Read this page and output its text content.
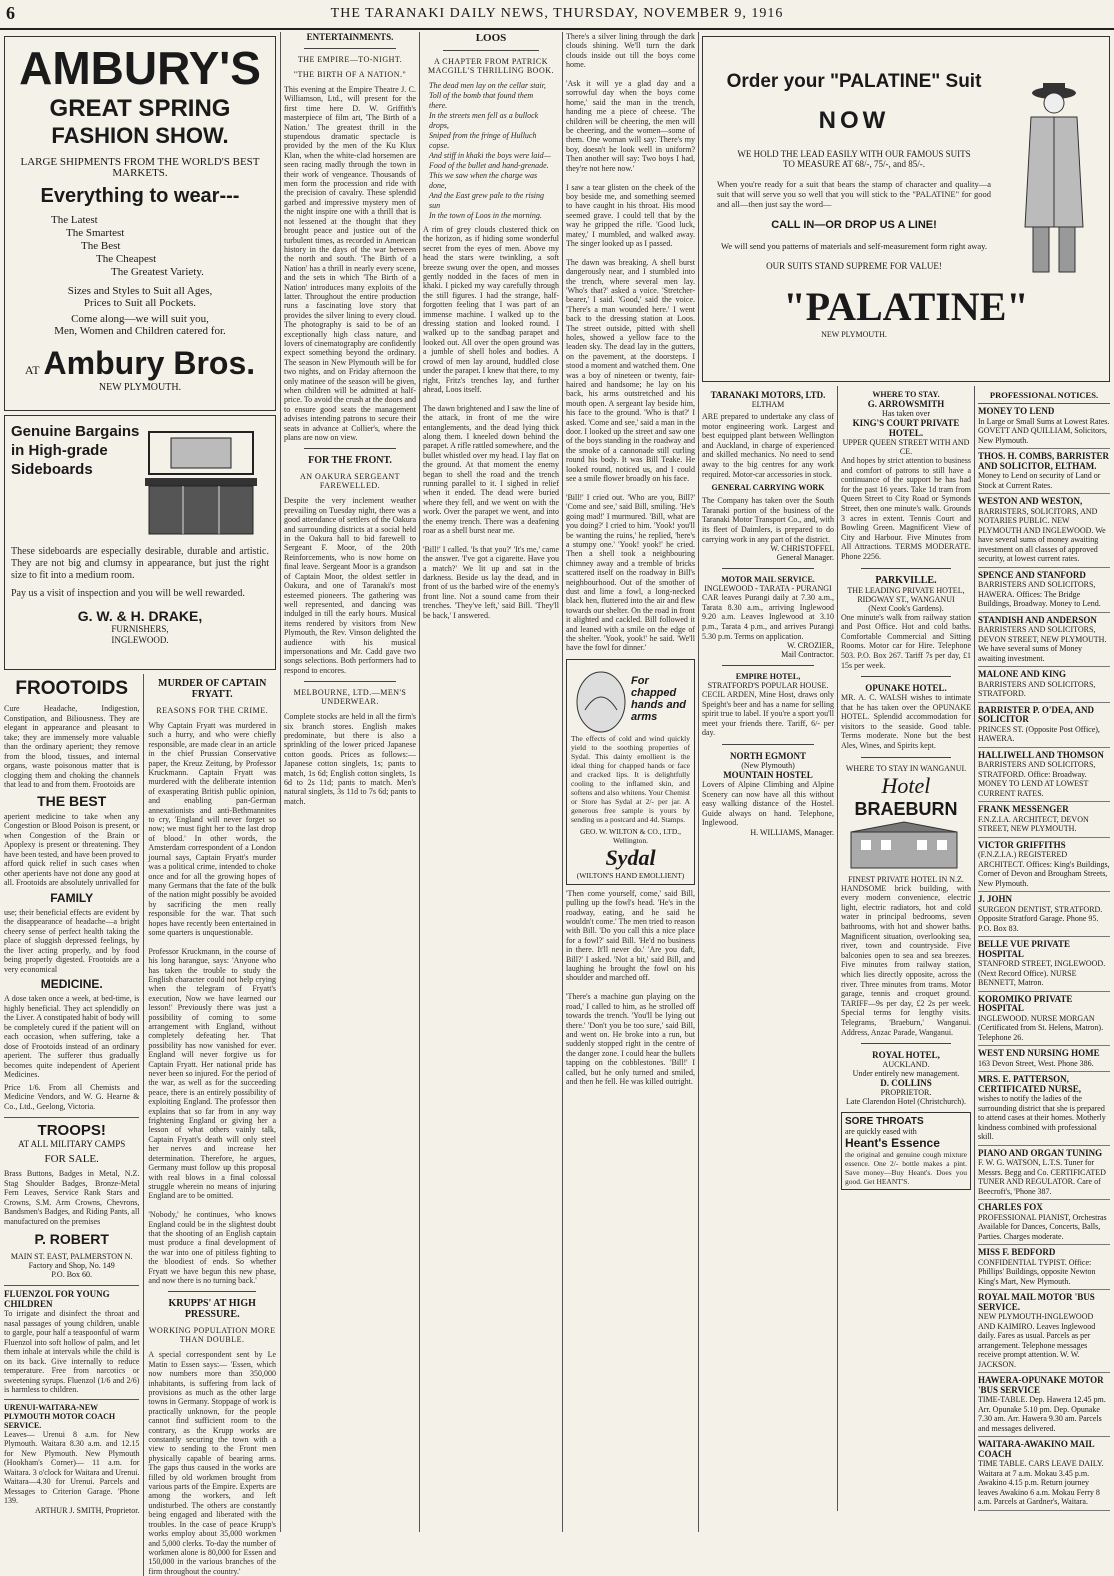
6	THE TARANAKI DAILY NEWS, THURSDAY, NOVEMBER 9, 1916
AMBURY'S
GREAT SPRING
FASHION SHOW.
LARGE SHIPMENTS FROM THE WORLD'S BEST MARKETS.
Everything to wear---
The Latest
The Smartest
The Best
The Cheapest
The Greatest Variety.
Sizes and Styles to Suit all Ages,
Prices to Suit all Pockets.
Come along—we will suit you,
Men, Women and Children catered for.
AT Ambury Bros.
NEW PLYMOUTH.
Genuine Bargains
in High-grade
Sideboards
These sideboards are especially desirable, durable and artistic. They are not big and clumsy in appearance, but just the right size to fit into a medium room.
Pay us a visit of inspection and you will be well rewarded.
G. W. & H. DRAKE,
FURNISHERS,
INGLEWOOD.
FROOTOIDS
Cure Headache, Indigestion, Constipation, and Biliousness. They are elegant in appearance and pleasant to take; they are immensely more valuable than the ordinary aperient; they remove from the blood, tissues, and internal organs, waste poisonous matter that is clogging them and choking the channels that lead to and from them. Frootoids are
THE BEST
aperient medicine to take when any Congestion or Blood Poison is present, or when Congestion of the Brain or Apoplexy is present or threatening. They have been tested, and have been proved to afford quick relief in such cases when other aperients have not done any good at all. Frootoids are absolutely unrivalled for
FAMILY
use; their beneficial effects are evident by the disappearance of headache—a bright cheery sense of perfect health taking the place of sluggish depressed feelings, by the liver acting properly, and by food being properly digested. Frootoids are a very economical
MEDICINE.
A dose taken once a week, at bed-time, is highly beneficial. They act splendidly on the Liver. A constipated habit of body will be completely cured if the patient will on each occasion, when suffering, take a dose of Frootoids instead of an ordinary aperient. The sufferer thus gradually becomes quite independent of Aperient Medicines.
Price 1/6. From all Chemists and Medicine Vendors, and W. G. Hearne & Co., Ltd., Geelong, Victoria.
TROOPS!
AT ALL MILITARY CAMPS
FOR SALE.
Brass Buttons, Badges in Metal, N.Z. Stag Shoulder Badges, Bronze-Metal Fern Leaves, Service Rank Stars and Crowns, S.M. Arm Crowns, Chevrons, Bandsmen's Badges, and Riding Pants, all manufactured on the premises
P. ROBERT
MAIN ST. EAST, PALMERSTON N. Factory and Shop, No. 149
P.O. Box 60.
FLUENZOL FOR YOUNG CHILDREN
To irrigate and disinfect the throat and nasal passages of young children, unable to gargle, pour half a teaspoonful of warm Fluenzol into soft hollow of palm, and let them inhale at intervals while the child is on its back. Give internally to reduce temperature. Free from narcotics or sweetening syrups. Fluenzol (1/6 and 2/6) is harmless to children.
URENUI-WAITARA-NEW PLYMOUTH MOTOR COACH SERVICE.
Leaves— Urenui 8 a.m. for New Plymouth. Waitara 8.30 a.m. and 12.15 for New Plymouth. New Plymouth (Hookham's Corner)— 11 a.m. for Waitara. 3 o'clock for Waitara and Urenui. Waitara—4.30 for Urenui. Parcels and Messages to Criterion Garage. 'Phone 139.
ARTHUR J. SMITH, Proprietor.
MURDER OF CAPTAIN FRYATT.
REASONS FOR THE CRIME.
Why Captain Fryatt was murdered in such a hurry, and who were chiefly responsible, are made clear in an article in the chief Prussian Conservative paper, the Kreuz Zeitung, by Professor Kruckmann. Captain Fryatt was murdered with the deliberate intention of exasperating British public opinion, and enabling pan-German annexationists and anti-Bethmannites to cry, 'England will never forget so now; we must fight her to the last drop of blood.' In other words, the Amsterdam correspondent of a London journal says, Captain Fryatt's murder was a political crime, intended to choke once and for all the growing hopes of many Germans that the fate of the bulk of the nation might possibly be avoided by sacrificing the men really responsible for the war. That such hopes have recently been entertained in some quarters is unquestionable.

Professor Kruckmann, in the course of his long harangue, says: 'Anyone who has taken the trouble to study the English character could not help crying when the telegram of Fryatt's execution, Now we have learned our lesson!' Previously there was just a possibility of coming to some arrangement with England, without completely defeating her. That possibility has now vanished for ever. England will never forgive us for Captain Fryatt. Her national pride has never been so injured. For the period of the war, as well as for the succeeding peace, there is an entirely possibility of exploiting England. The professor then explains that so far from in any way frightening England or giving her a lesson of what others vainly talk, Captain Fryatt's death will only steel her nerves and increase her determination. Therefore, he argues, Germany must follow up this proposal with real blows in a final colossal struggle wherein no means of injuring England are to be omitted.

'Nobody,' he continues, 'who knows England could be in the slightest doubt that the shooting of an English captain must produce a final development of the war into one of pitiless fighting to the bloodiest of ends. So whether Fryatt we have begun this new phase, and now there is no turning back.'
KRUPPS' AT HIGH PRESSURE.
WORKING POPULATION MORE THAN DOUBLE.
A special correspondent sent by Le Matin to Essen says:— 'Essen, which now numbers more than 350,000 inhabitants, is suffering from lack of provisions as much as the other large towns in Germany. Stoppage of work is practically unknown, for the people cannot find sufficient room to the contrary, as the Krupp works are constantly securing the town with a view to sending to the Front men physically capable of bearing arms. The gaps thus caused in the works are filled by old workmen brought from various parts of the Empire. Experts are among the workers, and left undisturbed. The others are constantly being engaged and liberated with the troubles. In the case of peace Krupp's works employ about 35,000 workmen and 5,000 clerks. To-day the number of workmen alone is 80,000 for Essen and 150,000 in the various branches of the firm throughout the country.'
ENTERTAINMENTS.
THE EMPIRE—TO-NIGHT.
"THE BIRTH OF A NATION."
This evening at the Empire Theatre J. C. Williamson, Ltd., will present for the first time here D. W. Griffith's masterpiece of film art, 'The Birth of a Nation.' The greatest thrill in the stupendous dramatic spectacle is provided by the men of the Ku Klux Klan, when the white-clad horsemen are seen racing madly through the town in their work of vengeance. Thousands of men form the procession and ride with the precision of cavalry. These splendid garbed and impressive mystery men of the night inspire one with a thrill that is not lessened at the thought that they brought peace and justice out of the turbulent times, as recorded in American history in the days of the war between the north and south. 'The Birth of a Nation' has a thrill in nearly every scene, and the sets in which 'The Birth of a Nation' introduces many exploits of the latter. Throughout the entire production runs a fascinating love story that provides the silver lining to every cloud. The photography is said to be of an exceptionally high class nature, and lovers of cinematography are confidently expect something beyond the ordinary. The season in New Plymouth will be for two nights, and on Friday afternoon the only matinee of the season will be given, when children will be admitted at half-price. To avoid the crush at the doors and to ensure good seats the management advises intending patrons to secure their seats in advance at Collier's, where the plans are now on view.
FOR THE FRONT.
AN OAKURA SERGEANT FAREWELLED.
Despite the very inclement weather prevailing on Tuesday night, there was a good attendance of settlers of the Oakura and surrounding districts at a social held in the Oakura hall to bid farewell to Sergeant F. Moor, of the 20th Reinforcements, who is now home on final leave. Sergeant Moor is a grandson of Captain Moor, the oldest settler in Oakura, and one of Taranaki's most esteemed pioneers. The gathering was well represented, and dancing was indulged in till the early hours. Musical items rendered by visitors from New Plymouth, the Rev. Vinson delighted the audience with his musical impersonations and Mr. Cadd gave two songs selections. Both performers had to respond to encores.
MELBOURNE, LTD.—MEN'S UNDERWEAR.
Complete stocks are held in all the firm's six branch stores. English makes predominate, but there is also a sprinkling of the lower priced Japanese cotton goods. Prices as follows:—Japanese cotton singlets, 1s; pants to match, 1s 6d; English cotton singlets, 1s 6d to 2s 11d; pants to match. Men's natural singlets, 3s 11d to 7s 6d; pants to match.
LOOS
A CHAPTER FROM PATRICK MACGILL'S THRILLING BOOK.
The dead men lay on the cellar stair,
Toll of the bomb that found them there.
In the streets men fell as a bullock drops,
Sniped from the fringe of Hulluch copse.
And stiff in khaki the boys were laid—
Food of the bullet and hand-grenade.
This we saw when the charge was done,
And the East grew pale to the rising sun
In the town of Loos in the morning.
A rim of grey clouds clustered thick on the horizon, as if hiding some wonderful secret from the eyes of men. Above my head the stars were twinkling, a soft breeze swung over the open, and mosses gently nodded in the faces of men in khaki. I picked my way carefully through the still figures. I had the strange, half-forgotten feeling that I was part of an immense machine. I walked up to the dressing station and looked round. I walked up to the sandbag parapet and looked out. All over the open ground was a jumble of shell holes and bodies. A crowd of men lay around, huddled close under the parapet. I knew that there, to my right, Fritz's trenches lay, and further ahead, Loos itself.

The dawn brightened and I saw the line of the attack, in front of me the wire entanglements, and the dead lying thick along them. I kneeled down behind the parapet. A rifle rattled somewhere, and the bullet whistled over my head. I lay flat on the ground. At that moment the enemy began to shell the road and the trench running parallel to it. I sighed in relief when it ended. The dead were buried where they fell, and we went on with the work. Over the parapet we went, and into the enemy trench. There was a deafening roar as a shell burst near me.

'Bill!' I called. 'Is that you?' 'It's me,' came the answer. 'I've got a cigarette. Have you a match?' We lit up and sat in the darkness. Beside us lay the dead, and in front of us the barbed wire of the enemy's front line. Not a sound came from their trenches. 'They've left,' said Bill. 'They'll be back,' I answered.
There's a silver lining through the dark clouds shining. We'll turn the dark clouds inside out till the boys come home.

'Ask it will ye a glad day and a sorrowful day when the boys come home,' said the man in the trench, handing me a piece of cheese. 'The children will be cheering, the men will be cheering, and the women—some of them. One woman will say: There's my boy, doesn't he look well in uniform? Then another will say: Two boys I had, they're not here now.'

I saw a tear glisten on the cheek of the boy beside me, and something seemed to have caught in his throat. His mood seemed grave. I could tell that by the way he gripped the rifle. 'Good luck, matey,' I mumbled, and walked away. The singer looked up as I passed.

The dawn was breaking. A shell burst dangerously near, and I stumbled into the trench, where several men lay. 'Who's that?' asked a voice. 'Stretcher-bearer,' I said. 'Good,' said the voice. 'There's a man wounded here.' I went back to the dressing station at Loos. The street outside, pitted with shell holes, showed a yellow face to the leaden sky. The dead lay in the gutters, on the pavement, at the doorsteps. I stood a moment and watched them. One was a boy of nineteen or twenty, fair-haired and handsome; he lay on his back, his arms outstretched and his mouth open. A sergeant lay beside him, his face to the ground. 'Who is that?' I asked. 'Come and see,' said a man in the door. I looked up the street and saw one of the boys standing in the roadway and the smoke of a cannonade still curling round his body. It was Bill Teake. He looked round, noticed us, and I could see a smile flower broadly on his face.

'Bill!' I cried out. 'Who are you, Bill?' 'Come and see,' said Bill, smiling. 'He's going mad!' I murmured. 'Bill, what are you doing?' I cried to him. 'Yook! you'll be wanting the ruins,' he replied, 'here's a stumpy one.' 'Yook! yook!' he cried. Then a shell took a neighbouring chimney away and a tremble of bricks scattered itself on the roadway in Bill's neighbourhood. Out of the smother of dust and lime a fowl, a long-necked black hen, fluttered into the air and flew towards our shelter. On the road in front it alighted and cackled. Bill followed it and leaned with a smile on the edge of the shelter. 'Yook, yook!' he said. 'We'll have the fowl for dinner.'
For chapped hands and arms
The effects of cold and wind quickly yield to the soothing properties of Sydal. This dainty emollient is the ideal thing for chapped hands or face and cracked lips. It is delightfully cooling to the inflamed skin, and softens and also whitens. Your Chemist or Store has Sydal at 2/- per jar. A generous free sample is yours by sending us a postcard and 4d. Stamps.
GEO. W. WILTON & CO., LTD., Wellington.
Sydal
(WILTON'S HAND EMOLLIENT)
'Then come yourself, come,' said Bill, pulling up the fowl's head. 'He's in the roadway, eating, and he said he wouldn't come.' The men tried to reason with Bill. 'Do you call this a nice place for a fowl?' said Bill. 'He'd no business in there. It'll never do.' 'Are you daft, Bill?' I asked. 'Not a bit,' said Bill, and laughing he brought the fowl on his shoulder and marched off.

'There's a machine gun playing on the road,' I called to him, as he strolled off towards the trench. 'You'll be lying out there.' 'Don't you be too sure,' said Bill, and went on. He broke into a run, but suddenly stopped right in the centre of the danger zone. I could hear the bullets tapping on the cobblestones. 'Bill!' I called, but he only turned and smiled, and then he fell. He was killed outright.
Order your "PALATINE" Suit
NOW
WE HOLD THE LEAD EASILY WITH OUR FAMOUS SUITS
TO MEASURE AT 68/-, 75/-, and 85/-.
When you're ready for a suit that bears the stamp of character and quality—a suit that will serve you so well that you will stick to the "PALATINE" for good and all—then just say the word—
CALL IN—OR DROP US A LINE!
We will send you patterns of materials and self-measurement form right away.
OUR SUITS STAND SUPREME FOR VALUE!
"PALATINE"
NEW PLYMOUTH.
TARANAKI MOTORS, LTD.
ELTHAM
ARE prepared to undertake any class of motor engineering work. Largest and best equipped plant between Wellington and Auckland, in charge of experienced and skilled mechanics. No need to send away to the big centres for any work required. Motor-car accessories in stock.
GENERAL CARRYING WORK
The Company has taken over the South Taranaki portion of the business of the Taranaki Motor Transport Co., and, with its fleet of Daimlers, is prepared to do carrying work in any part of the district.
W. CHRISTOFFEL
General Manager.
MOTOR MAIL SERVICE.
INGLEWOOD - TARATA - PURANGI
CAR leaves Purangi daily at 7.30 a.m., Tarata 8.30 a.m., arriving Inglewood 9.20 a.m. Leaves Inglewood at 3.10 p.m., Tarata 4 p.m., and arrives Purangi 5.30 p.m. Terms on application.
W. CROZIER,
Mail Contractor.
EMPIRE HOTEL,
STRATFORD'S POPULAR HOUSE.
CECIL ARDEN, Mine Host, draws only Speight's beer and has a name for selling spirit true to label. If you're a sport you'll meet your friends there. Tariff, 6/- per day.
NORTH EGMONT
(New Plymouth)
MOUNTAIN HOSTEL
Lovers of Alpine Climbing and Alpine Scenery can now have all this without easy walking distance of the Hostel. Guide always on hand. Telephone, Inglewood.
H. WILLIAMS, Manager.
WHERE TO STAY.
G. ARROWSMITH
Has taken over
KING'S COURT PRIVATE HOTEL.
UPPER QUEEN STREET WITH AND CE.
And hopes by strict attention to business and comfort of patrons to still have a continuance of the support he has had for the past 16 years. Take 1d tram from Queen Street to City Road or Symonds Street, then one minute's walk. Grounds 3 acres in extent. Tennis Court and Bowling Green. Magnificent View of City and Harbour. Five Minutes from All Attractions. TERMS MODERATE. Phone 2256.
PARKVILLE.
THE LEADING PRIVATE HOTEL, RIDGWAY ST., WANGANUI
(Next Cook's Gardens).
One minute's walk from railway station and Post Office. Hot and cold baths. Comfortable Commercial and Sitting Rooms. Motor car for Hire. Telephone 503. P.O. Box 267. Tariff 7s per day, £1 15s per week.
OPUNAKE HOTEL.
MR. A. C. WALSH wishes to intimate that he has taken over the OPUNAKE HOTEL. Splendid accommodation for visitors to the seaside. Good table. Terms moderate. None but the best Ales, Wines, and Spirits kept.
WHERE TO STAY IN WANGANUI.
Hotel
BRAEBURN
FINEST PRIVATE HOTEL IN N.Z.
HANDSOME brick building, with every modern convenience, electric light, electric radiators, hot and cold water in principal bedrooms, seven bathrooms, with hot and shower baths. Magnificent situation, overlooking sea, river, town and countryside. Five balconies open to sea and sea breezes. Five minutes from railway station, which lies directly opposite, across the river. Three minutes from trams. Motor garage, tennis and croquet ground. TARIFF—9s per day, £2 2s per week. Special terms for lengthy visits. Telegrams, 'Braeburn,' Wanganui. Address, Anzac Parade, Wanganui.
ROYAL HOTEL,
AUCKLAND.
Under entirely new management.
D. COLLINS
PROPRIETOR.
Late Clarendon Hotel (Christchurch).
SORE THROATS
are quickly eased with
Heant's Essence
the original and genuine cough mixture essence. One 2/- bottle makes a pint. Save money—Buy Heant's. Does you good. Get HEANT'S.
PROFESSIONAL NOTICES.
MONEY TO LEND
In Large or Small Sums at Lowest Rates. GOVETT AND QUILLIAM, Solicitors, New Plymouth.
THOS. H. COMBS, BARRISTER AND SOLICITOR, ELTHAM.
Money to Lend on security of Land or Stock at Current Rates.
WESTON AND WESTON,
BARRISTERS, SOLICITORS, AND NOTARIES PUBLIC. NEW PLYMOUTH AND INGLEWOOD. We have several sums of money awaiting investment on all classes of approved security, at lowest current rates.
SPENCE AND STANFORD
BARRISTERS AND SOLICITORS, HAWERA. Offices: The Bridge Buildings, Broadway. Money to Lend.
STANDISH AND ANDERSON
BARRISTERS AND SOLICITORS, DEVON STREET, NEW PLYMOUTH. We have several sums of Money awaiting investment.
MALONE AND KING
BARRISTERS AND SOLICITORS, STRATFORD.
BARRISTER P. O'DEA, AND SOLICITOR
PRINCES ST. (Opposite Post Office), HAWERA.
HALLIWELL AND THOMSON
BARRISTERS AND SOLICITORS, STRATFORD. Office: Broadway. MONEY TO LEND AT LOWEST CURRENT RATES.
FRANK MESSENGER
F.N.Z.I.A. ARCHITECT, DEVON STREET, NEW PLYMOUTH.
VICTOR GRIFFITHS
(F.N.Z.I.A.) REGISTERED ARCHITECT. Offices: King's Buildings, Corner of Devon and Brougham Streets, New Plymouth.
J. JOHN
SURGEON DENTIST, STRATFORD. Opposite Stratford Garage. Phone 95. P.O. Box 83.
BELLE VUE PRIVATE HOSPITAL
STANFORD STREET, INGLEWOOD. (Next Record Office). NURSE BENNETT, Matron.
KOROMIKO PRIVATE HOSPITAL
INGLEWOOD. NURSE MORGAN (Certificated from St. Helens, Matron). Telephone 26.
WEST END NURSING HOME
163 Devon Street, West. Phone 386.
MRS. E. PATTERSON, CERTIFICATED NURSE,
wishes to notify the ladies of the surrounding district that she is prepared to attend cases at their homes. Motherly kindness combined with professional skill.
PIANO AND ORGAN TUNING
F. W. G. WATSON, L.T.S. Tuner for Messrs. Begg and Co. CERTIFICATED TUNER AND REGULATOR. Care of Beecroft's, 'Phone 387.
CHARLES FOX
PROFESSIONAL PIANIST, Orchestras Available for Dances, Concerts, Balls, Parties. Charges moderate.
MISS F. BEDFORD
CONFIDENTIAL TYPIST. Office: Phillips' Buildings, opposite Newton King's Mart, New Plymouth.
ROYAL MAIL MOTOR 'BUS SERVICE.
NEW PLYMOUTH-INGLEWOOD AND KAIMIRO. Leaves Inglewood daily. Fares as usual. Parcels as per arrangement. Telephone messages receive prompt attention. W. W. JACKSON.
HAWERA-OPUNAKE MOTOR 'BUS SERVICE
TIME-TABLE. Dep. Hawera 12.45 pm. Arr. Opunake 5.10 pm. Dep. Opunake 7.30 am. Arr. Hawera 9.30 am. Parcels and messages delivered.
WAITARA-AWAKINO MAIL COACH
TIME TABLE. CARS LEAVE DAILY. Waitara at 7 a.m. Mokau 3.45 p.m. Awakino 4.15 p.m. Return journey leaves Awakino 6 a.m. Mokau Ferry 8 a.m. Parcels at Gardner's, Waitara.
